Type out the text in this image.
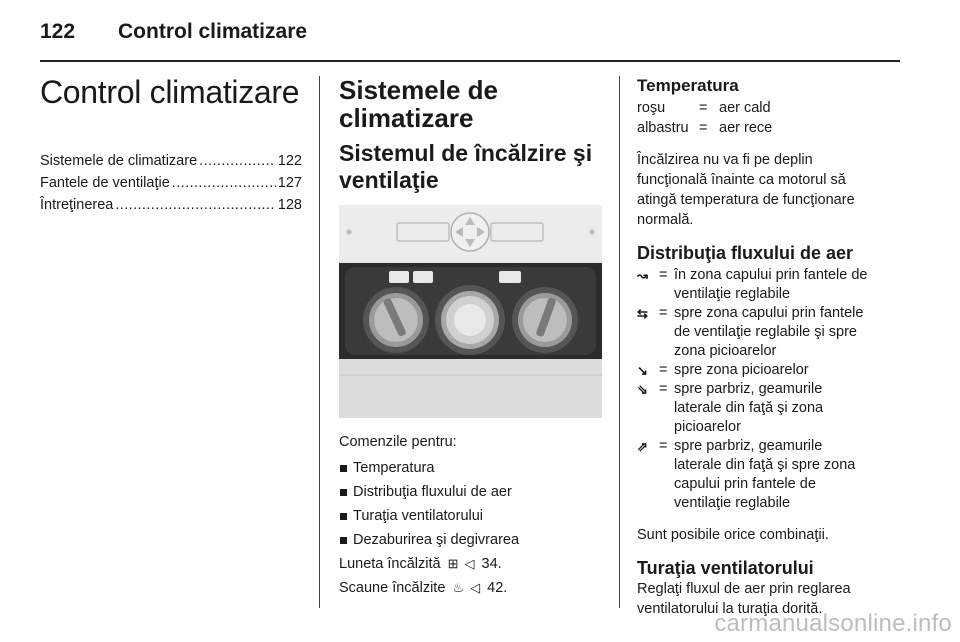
122 Control climatizare
Control climatizare
Sistemele de climatizare .....	122
Fantele de ventilaţie .....	127
Întreţinerea .....	128
Sistemele de
climatizare
Sistemul de încălzire şi
ventilaţie
Comenzile pentru:
Temperatura
Distribuţia fluxului de aer
Turaţia ventilatorului
Dezaburirea şi degivrarea
Luneta încălzită ⊞ ◁ 34.
Scaune încălzite ♨ ◁ 42.
Temperatura
roşu	= aer cald
albastru = aer rece
Încălzirea nu va fi pe deplin
funcţională înainte ca motorul să
atingă temperatura de funcţionare
normală.
Distribuţia fluxului de aer
↝ = în zona capului prin fantele de
ventilaţie reglabile
⇆ = spre zona capului prin fantele
de ventilaţie reglabile şi spre
zona picioarelor
↘ = spre zona picioarelor
⇘ = spre parbriz, geamurile
laterale din faţă şi zona
picioarelor
⇗ = spre parbriz, geamurile
laterale din faţă şi spre zona
capului prin fantele de
ventilaţie reglabile
Sunt posibile orice combinaţii.
Turaţia ventilatorului
Reglaţi fluxul de aer prin reglarea
ventilatorului la turaţia dorită.
carmanualsonline.info
